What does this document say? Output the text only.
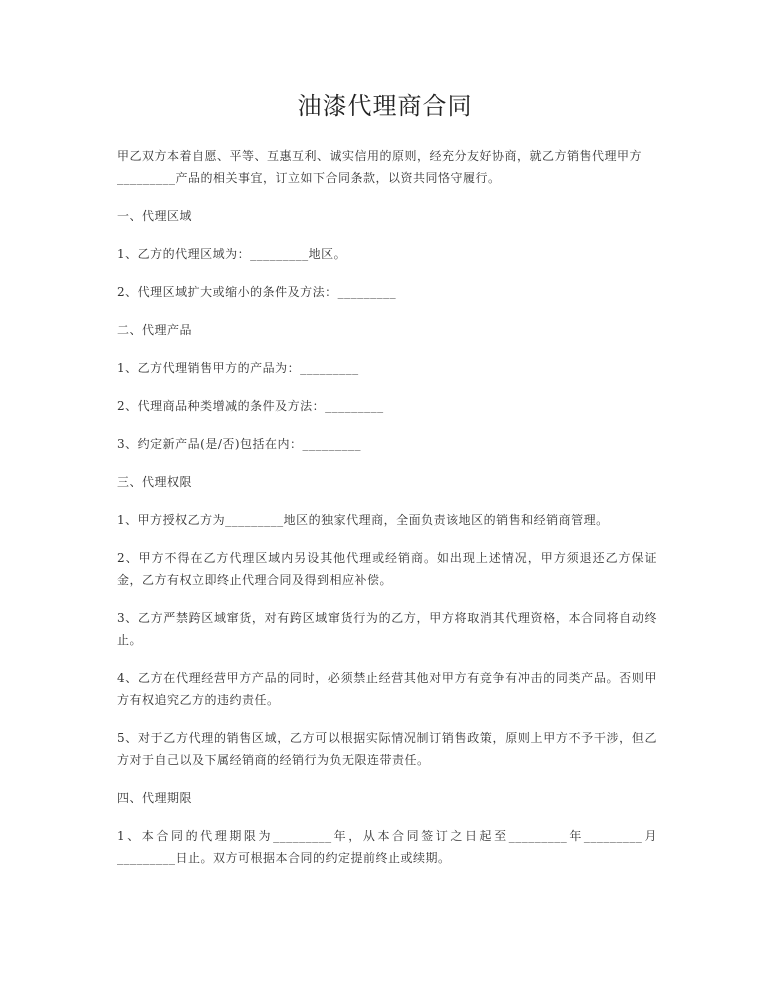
油漆代理商合同
甲乙双方本着自愿、平等、互惠互利、诚实信用的原则，经充分友好协商，就乙方销售代理甲方_________产品的相关事宜，订立如下合同条款，以资共同恪守履行。
一、代理区域
1、乙方的代理区域为：_________地区。
2、代理区域扩大或缩小的条件及方法：_________
二、代理产品
1、乙方代理销售甲方的产品为：_________
2、代理商品种类增减的条件及方法：_________
3、约定新产品(是/否)包括在内：_________
三、代理权限
1、甲方授权乙方为_________地区的独家代理商，全面负责该地区的销售和经销商管理。
2、甲方不得在乙方代理区域内另设其他代理或经销商。如出现上述情况，甲方须退还乙方保证金，乙方有权立即终止代理合同及得到相应补偿。
3、乙方严禁跨区域窜货，对有跨区域窜货行为的乙方，甲方将取消其代理资格，本合同将自动终止。
4、乙方在代理经营甲方产品的同时，必须禁止经营其他对甲方有竞争有冲击的同类产品。否则甲方有权追究乙方的违约责任。
5、对于乙方代理的销售区域，乙方可以根据实际情况制订销售政策，原则上甲方不予干涉，但乙方对于自己以及下属经销商的经销行为负无限连带责任。
四、代理期限
1、本合同的代理期限为_________年，从本合同签订之日起至_________年_________月_________日止。双方可根据本合同的约定提前终止或续期。
